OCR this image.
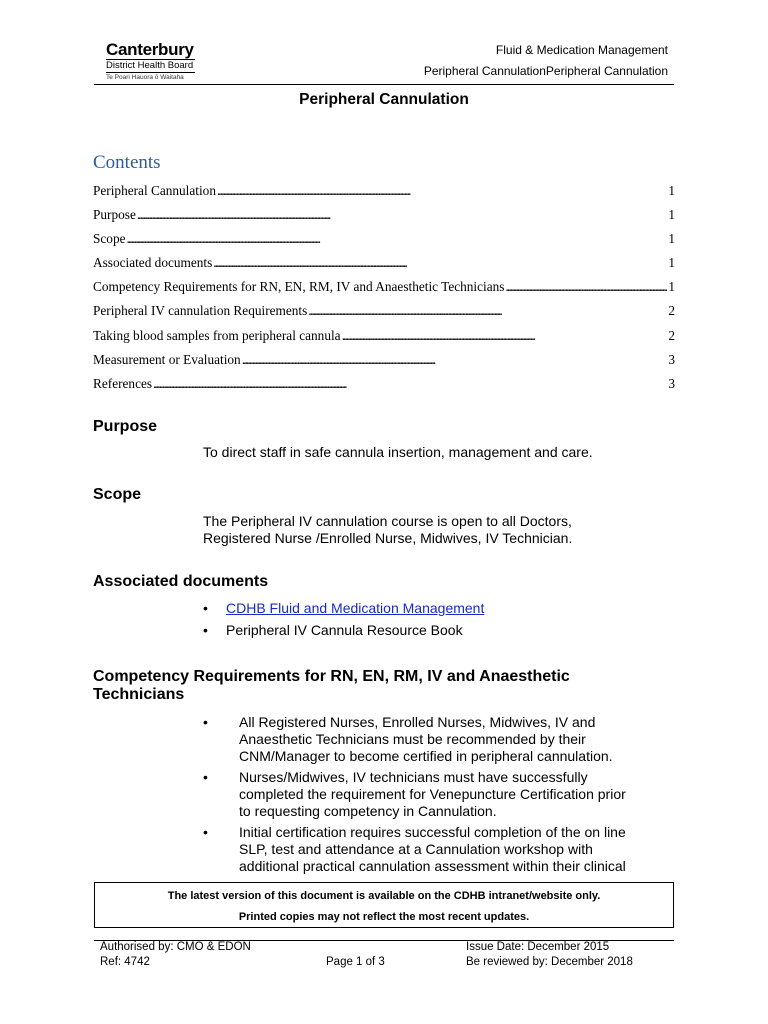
Canterbury
District Health Board
Te Poari Hauora ō Waitaha
Fluid & Medication Management
Peripheral CannulationPeripheral Cannulation
Peripheral Cannulation
Contents
Peripheral Cannulation . . .	1
Purpose . . .	1
Scope . . .	1
Associated documents . . .	1
Competency Requirements for RN, EN, RM, IV and Anaesthetic Technicians . . .	1
Peripheral IV cannulation Requirements . . .	2
Taking blood samples from peripheral cannula . . .	2
Measurement or Evaluation . . .	3
References . . .	3
Purpose
To direct staff in safe cannula insertion, management and care.
Scope
The Peripheral IV cannulation course is open to all Doctors,
Registered Nurse /Enrolled Nurse, Midwives, IV Technician.
Associated documents
• CDHB Fluid and Medication Management
• Peripheral IV Cannula Resource Book
Competency Requirements for RN, EN, RM, IV and Anaesthetic
Technicians
• All Registered Nurses, Enrolled Nurses, Midwives, IV and
Anaesthetic Technicians must be recommended by their
CNM/Manager to become certified in peripheral cannulation.
• Nurses/Midwives, IV technicians must have successfully
completed the requirement for Venepuncture Certification prior
to requesting competency in Cannulation.
• Initial certification requires successful completion of the on line
SLP, test and attendance at a Cannulation workshop with
additional practical cannulation assessment within their clinical
The latest version of this document is available on the CDHB intranet/website only.
Printed copies may not reflect the most recent updates.
Authorised by: CMO & EDON
Ref: 4742	Page 1 of 3
Issue Date: December 2015
Be reviewed by: December 2018
